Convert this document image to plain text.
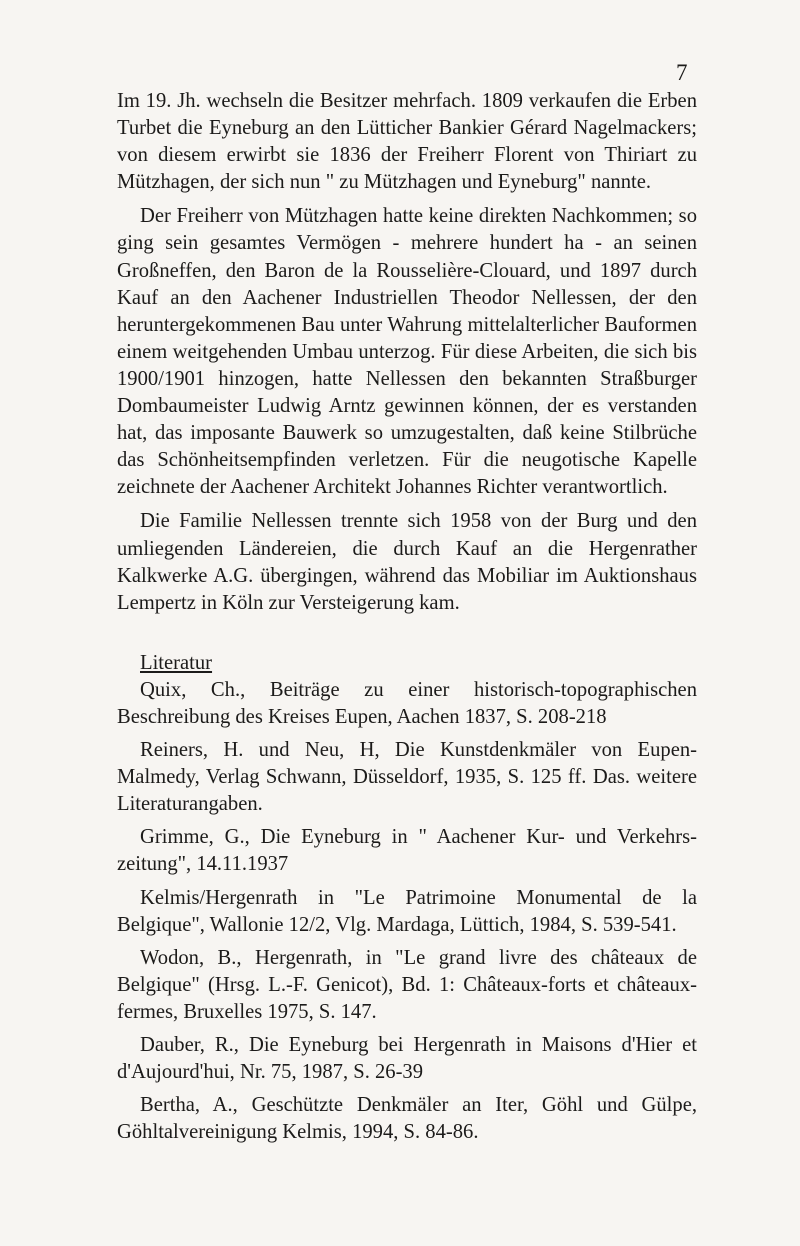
7

Im 19. Jh. wechseln die Besitzer mehrfach. 1809 verkaufen die Erben Turbet die Eyneburg an den Lütticher Bankier Gérard Nagelmackers; von diesem erwirbt sie 1836 der Freiherr Florent von Thiriart zu Mützhagen, der sich nun " zu Mützhagen und Eyneburg" nannte.

Der Freiherr von Mützhagen hatte keine direkten Nachkommen; so ging sein gesamtes Vermögen - mehrere hundert ha - an seinen Großneffen, den Baron de la Rousselière-Clouard, und 1897 durch Kauf an den Aachener Industriellen Theodor Nellessen, der den heruntergekommenen Bau unter Wahrung mittelalterlicher Bauformen einem weitgehenden Umbau unterzog. Für diese Arbeiten, die sich bis 1900/1901 hinzogen, hatte Nellessen den bekannten Straßburger Dombaumeister Ludwig Arntz gewinnen können, der es verstanden hat, das imposante Bauwerk so umzugestalten, daß keine Stilbrüche das Schönheitsempfinden verletzen. Für die neugotische Kapelle zeichnete der Aachener Architekt Johannes Richter verantwortlich.

Die Familie Nellessen trennte sich 1958 von der Burg und den umliegenden Ländereien, die durch Kauf an die Hergenrather Kalkwerke A.G. übergingen, während das Mobiliar im Auktionshaus Lempertz in Köln zur Versteigerung kam.

Literatur
Quix, Ch., Beiträge zu einer historisch-topographischen Beschreibung des Kreises Eupen, Aachen 1837, S. 208-218
Reiners, H. und Neu, H, Die Kunstdenkmäler von Eupen-Malmedy, Verlag Schwann, Düsseldorf, 1935, S. 125 ff. Das. weitere Literaturangaben.
Grimme, G., Die Eyneburg in " Aachener Kur- und Verkehrs-zeitung", 14.11.1937
Kelmis/Hergenrath in "Le Patrimoine Monumental de la Belgique", Wallonie 12/2, Vlg. Mardaga, Lüttich, 1984, S. 539-541.
Wodon, B., Hergenrath, in "Le grand livre des châteaux de Belgique" (Hrsg. L.-F. Genicot), Bd. 1: Châteaux-forts et châteaux-fermes, Bruxelles 1975, S. 147.
Dauber, R., Die Eyneburg bei Hergenrath in Maisons d'Hier et d'Aujourd'hui, Nr. 75, 1987, S. 26-39
Bertha, A., Geschützte Denkmäler an Iter, Göhl und Gülpe, Göhltalvereinigung Kelmis, 1994, S. 84-86.
